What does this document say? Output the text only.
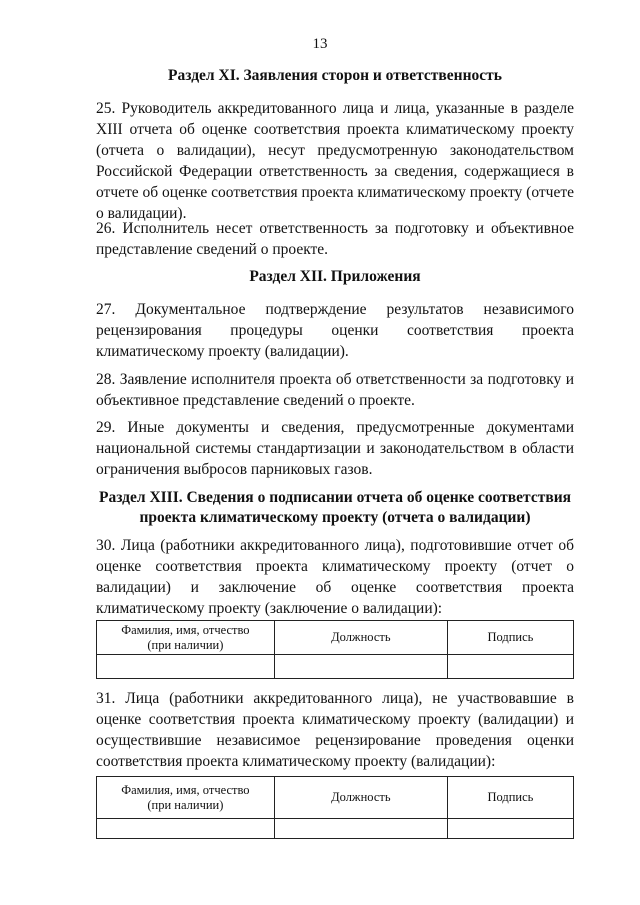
13
Раздел XI. Заявления сторон и ответственность
25. Руководитель аккредитованного лица и лица, указанные в разделе XIII отчета об оценке соответствия проекта климатическому проекту (отчета о валидации), несут предусмотренную законодательством Российской Федерации ответственность за сведения, содержащиеся в отчете об оценке соответствия проекта климатическому проекту (отчете о валидации).
26. Исполнитель несет ответственность за подготовку и объективное представление сведений о проекте.
Раздел XII. Приложения
27. Документальное подтверждение результатов независимого рецензирования процедуры оценки соответствия проекта климатическому проекту (валидации).
28. Заявление исполнителя проекта об ответственности за подготовку и объективное представление сведений о проекте.
29. Иные документы и сведения, предусмотренные документами национальной системы стандартизации и законодательством в области ограничения выбросов парниковых газов.
Раздел XIII. Сведения о подписании отчета об оценке соответствия
проекта климатическому проекту (отчета о валидации)
30. Лица (работники аккредитованного лица), подготовившие отчет об оценке соответствия проекта климатическому проекту (отчет о валидации) и заключение об оценке соответствия проекта климатическому проекту (заключение о валидации):
Фамилия, имя, отчество
(при наличии)	Должность	Подпись

31. Лица (работники аккредитованного лица), не участвовавшие в оценке соответствия проекта климатическому проекту (валидации) и осуществившие независимое рецензирование проведения оценки соответствия проекта климатическому проекту (валидации):
Фамилия, имя, отчество
(при наличии)	Должность	Подпись
